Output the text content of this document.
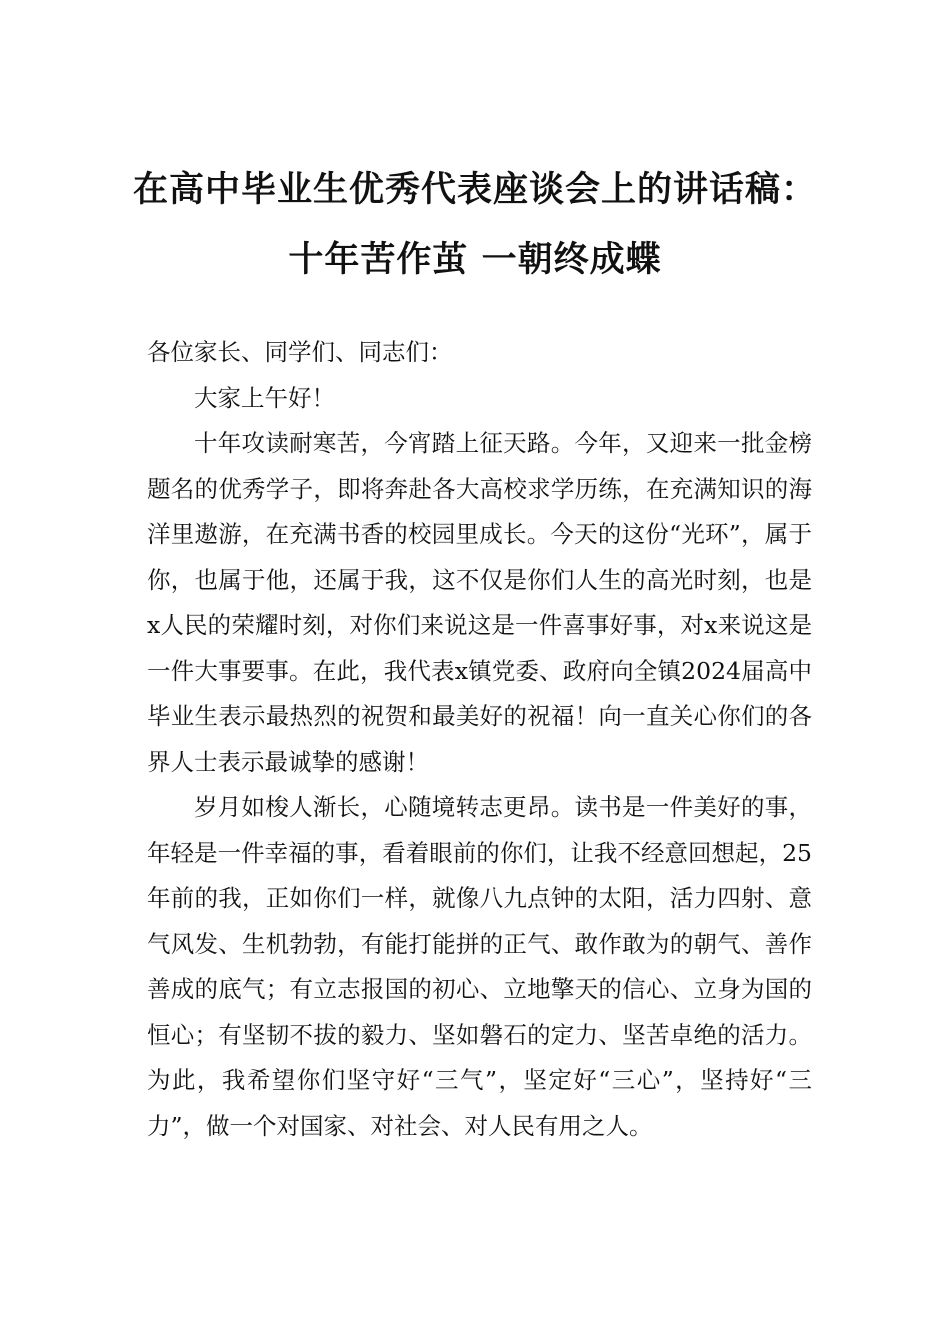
在高中毕业生优秀代表座谈会上的讲话稿：
十年苦作茧 一朝终成蝶

各位家长、同学们、同志们：

大家上午好！

十年攻读耐寒苦，今宵踏上征天路。今年，又迎来一批金榜题名的优秀学子，即将奔赴各大高校求学历练，在充满知识的海洋里遨游，在充满书香的校园里成长。今天的这份“光环”，属于你，也属于他，还属于我，这不仅是你们人生的高光时刻，也是x人民的荣耀时刻，对你们来说这是一件喜事好事，对x来说这是一件大事要事。在此，我代表x镇党委、政府向全镇2024届高中毕业生表示最热烈的祝贺和最美好的祝福！向一直关心你们的各界人士表示最诚挚的感谢！

岁月如梭人渐长，心随境转志更昂。读书是一件美好的事，年轻是一件幸福的事，看着眼前的你们，让我不经意回想起，25年前的我，正如你们一样，就像八九点钟的太阳，活力四射、意气风发、生机勃勃，有能打能拼的正气、敢作敢为的朝气、善作善成的底气；有立志报国的初心、立地擎天的信心、立身为国的恒心；有坚韧不拔的毅力、坚如磐石的定力、坚苦卓绝的活力。为此，我希望你们坚守好“三气”，坚定好“三心”，坚持好“三力”，做一个对国家、对社会、对人民有用之人。
